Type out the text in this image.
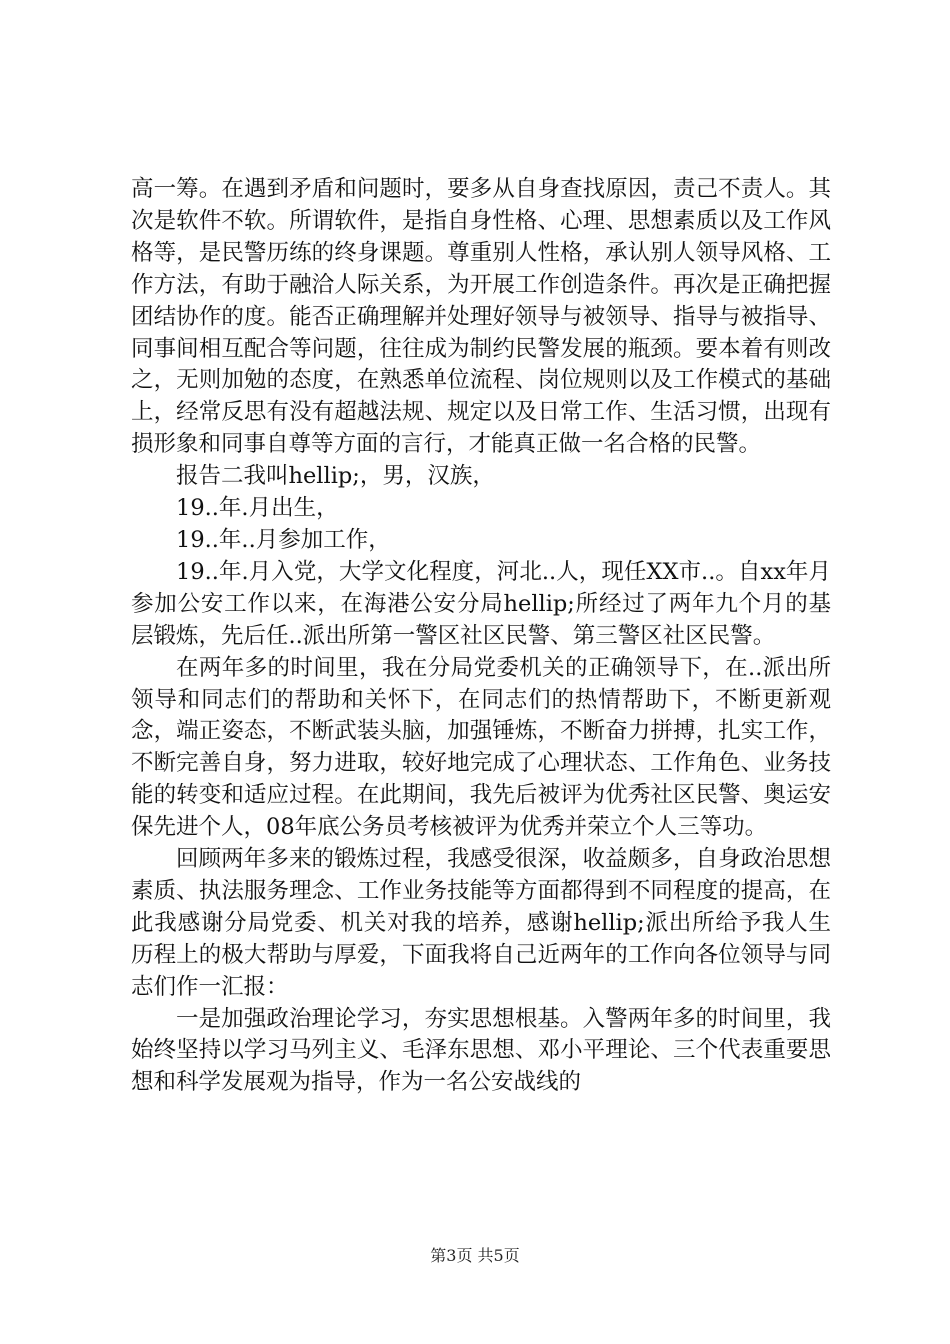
高一筹。在遇到矛盾和问题时，要多从自身查找原因，责己不责人。其次是软件不软。所谓软件，是指自身性格、心理、思想素质以及工作风格等，是民警历练的终身课题。尊重别人性格，承认别人领导风格、工作方法，有助于融洽人际关系，为开展工作创造条件。再次是正确把握团结协作的度。能否正确理解并处理好领导与被领导、指导与被指导、同事间相互配合等问题，往往成为制约民警发展的瓶颈。要本着有则改之，无则加勉的态度，在熟悉单位流程、岗位规则以及工作模式的基础上，经常反思有没有超越法规、规定以及日常工作、生活习惯，出现有损形象和同事自尊等方面的言行，才能真正做一名合格的民警。

报告二我叫hellip;，男，汉族，

19..年.月出生，

19..年..月参加工作，

19..年.月入党，大学文化程度，河北..人，现任XX市..。自xx年月参加公安工作以来，在海港公安分局hellip;所经过了两年九个月的基层锻炼，先后任..派出所第一警区社区民警、第三警区社区民警。

在两年多的时间里，我在分局党委机关的正确领导下，在..派出所领导和同志们的帮助和关怀下，在同志们的热情帮助下，不断更新观念，端正姿态，不断武装头脑，加强锤炼，不断奋力拼搏，扎实工作，不断完善自身，努力进取，较好地完成了心理状态、工作角色、业务技能的转变和适应过程。在此期间，我先后被评为优秀社区民警、奥运安保先进个人，08年底公务员考核被评为优秀并荣立个人三等功。

回顾两年多来的锻炼过程，我感受很深，收益颇多，自身政治思想素质、执法服务理念、工作业务技能等方面都得到不同程度的提高，在此我感谢分局党委、机关对我的培养，感谢hellip;派出所给予我人生历程上的极大帮助与厚爱，下面我将自己近两年的工作向各位领导与同志们作一汇报：

一是加强政治理论学习，夯实思想根基。入警两年多的时间里，我始终坚持以学习马列主义、毛泽东思想、邓小平理论、三个代表重要思想和科学发展观为指导，作为一名公安战线的

第3页 共5页
